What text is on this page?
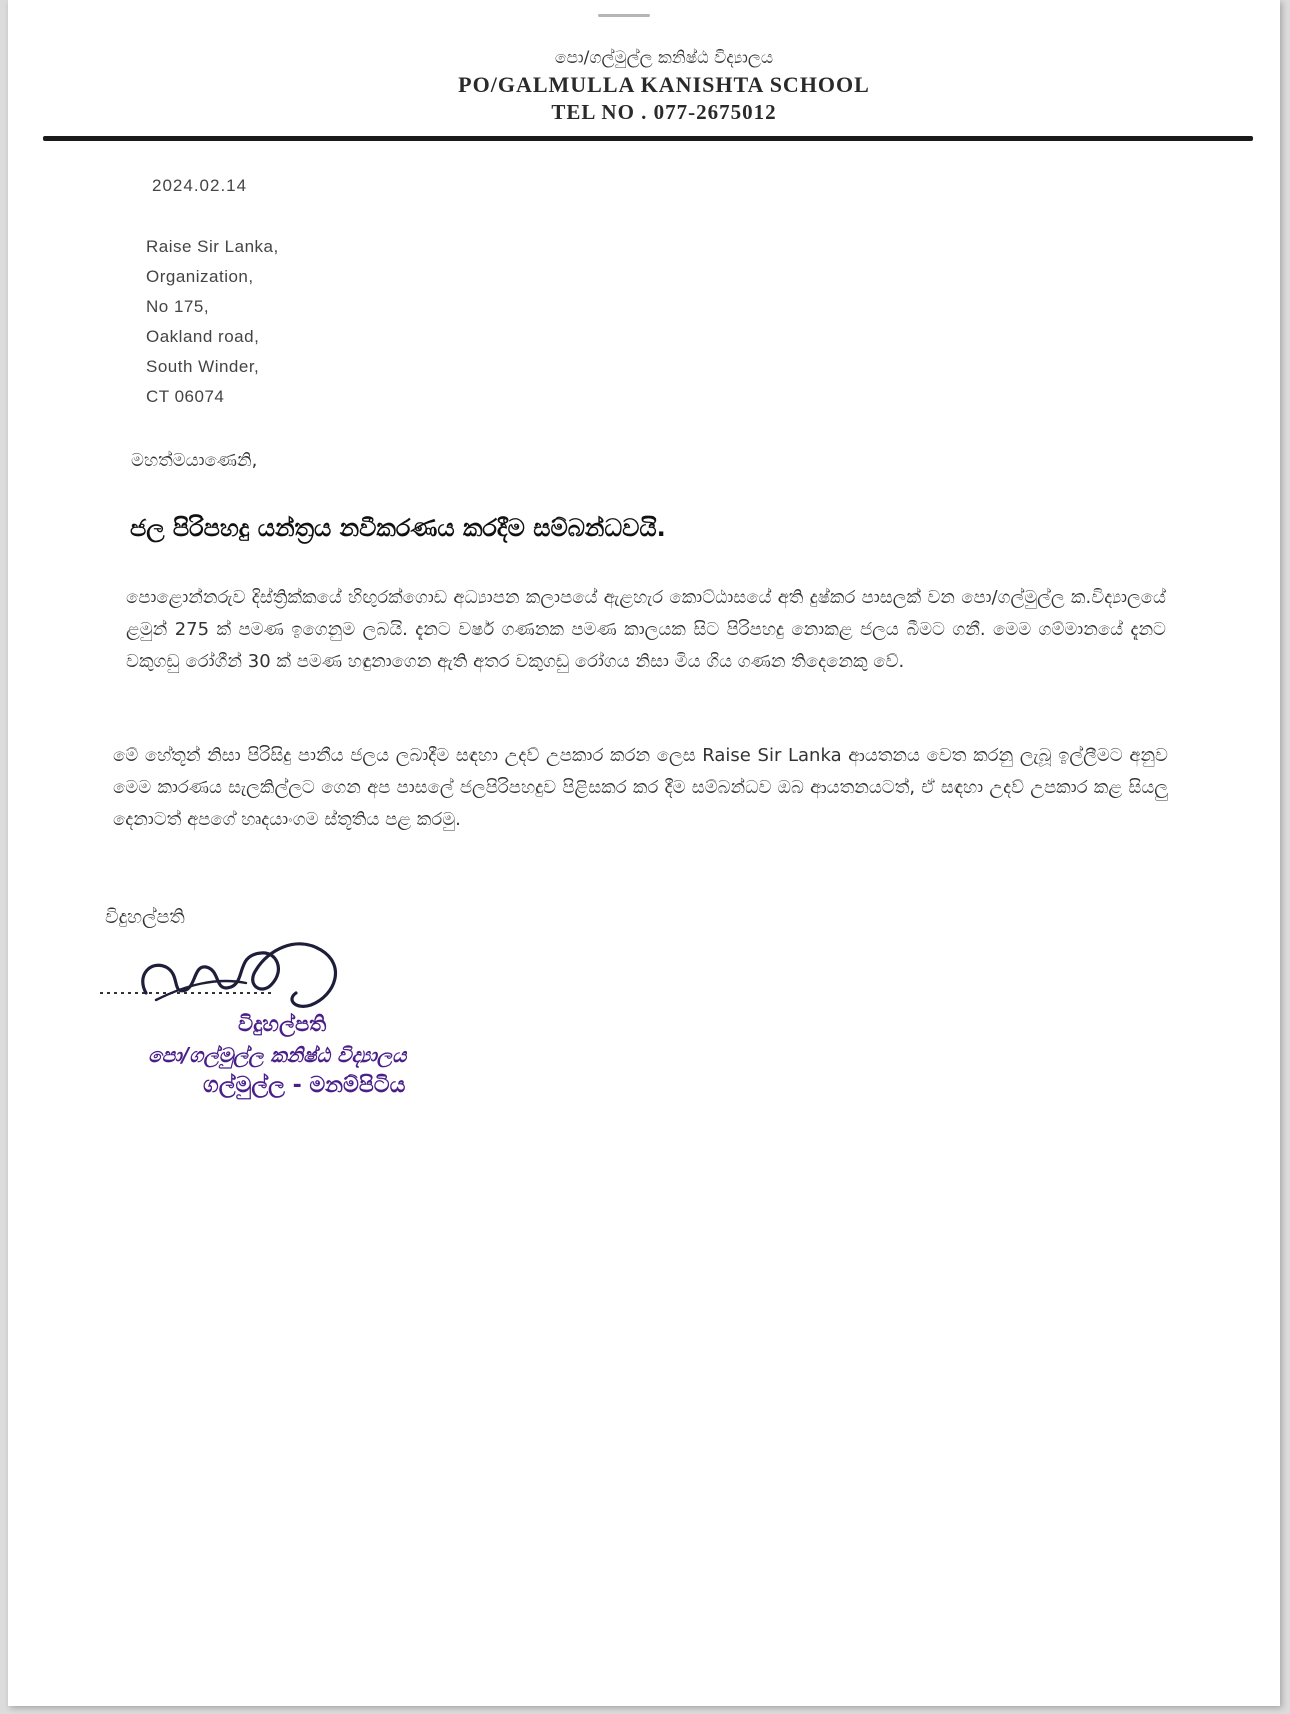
පො/ගල්මුල්ල කනිෂ්ඨ විද්‍යාලය
PO/GALMULLA KANISHTA SCHOOL
TEL NO . 077-2675012
2024.02.14
Raise Sir Lanka,
Organization,
No 175,
Oakland road,
South Winder,
CT 06074
මහත්මයාණෙනි,
ජල පිරිපහදු යන්ත්‍රය නවීකරණය කරදීම සම්බන්ධවයි.
පොළොන්නරුව දිස්ත්‍රික්කයේ හිඟුරක්ගොඩ අධ්‍යාපන කලාපයේ ඇළහැර කොට්ඨාසයේ අති දුෂ්කර පාසලක් වන පො/ගල්මුල්ල ක.විද්‍යාලයේ ළමුන් 275 ක් පමණ ඉගෙනුම ලබයි. දැනට වර්ෂ ගණනක පමණ කාලයක සිට පිරිපහදු නොකළ ජලය බීමට ගනී. මෙම ගම්මානයේ දැනට වකුගඩු රෝගීන් 30 ක් පමණ හඳුනාගෙන ඇති අතර වකුගඩු රෝගය නිසා මිය ගිය ගණන තිදෙනෙකු වේ.
මේ හේතූන් නිසා පිරිසිදු පානීය ජලය ලබාදීම සඳහා උදව් උපකාර කරන ලෙස Raise Sir Lanka ආයතනය වෙත කරනු ලැබූ ඉල්ලීමට අනුව මෙම කාරණය සැලකිල්ලට ගෙන අප පාසලේ ජලපිරිපහදුව පිළිසකර කර දීම සම්බන්ධව ඔබ ආයතනයටත්, ඒ සඳහා උදව් උපකාර කළ සියලු දෙනාටත් අපගේ හෘදයාංගම ස්තූතිය පළ කරමු.
විදුහල්පති
විදුහල්පති
පො/ගල්මුල්ල කනිෂ්ඨ විද්‍යාලය
ගල්මුල්ල - මනම්පිටිය
